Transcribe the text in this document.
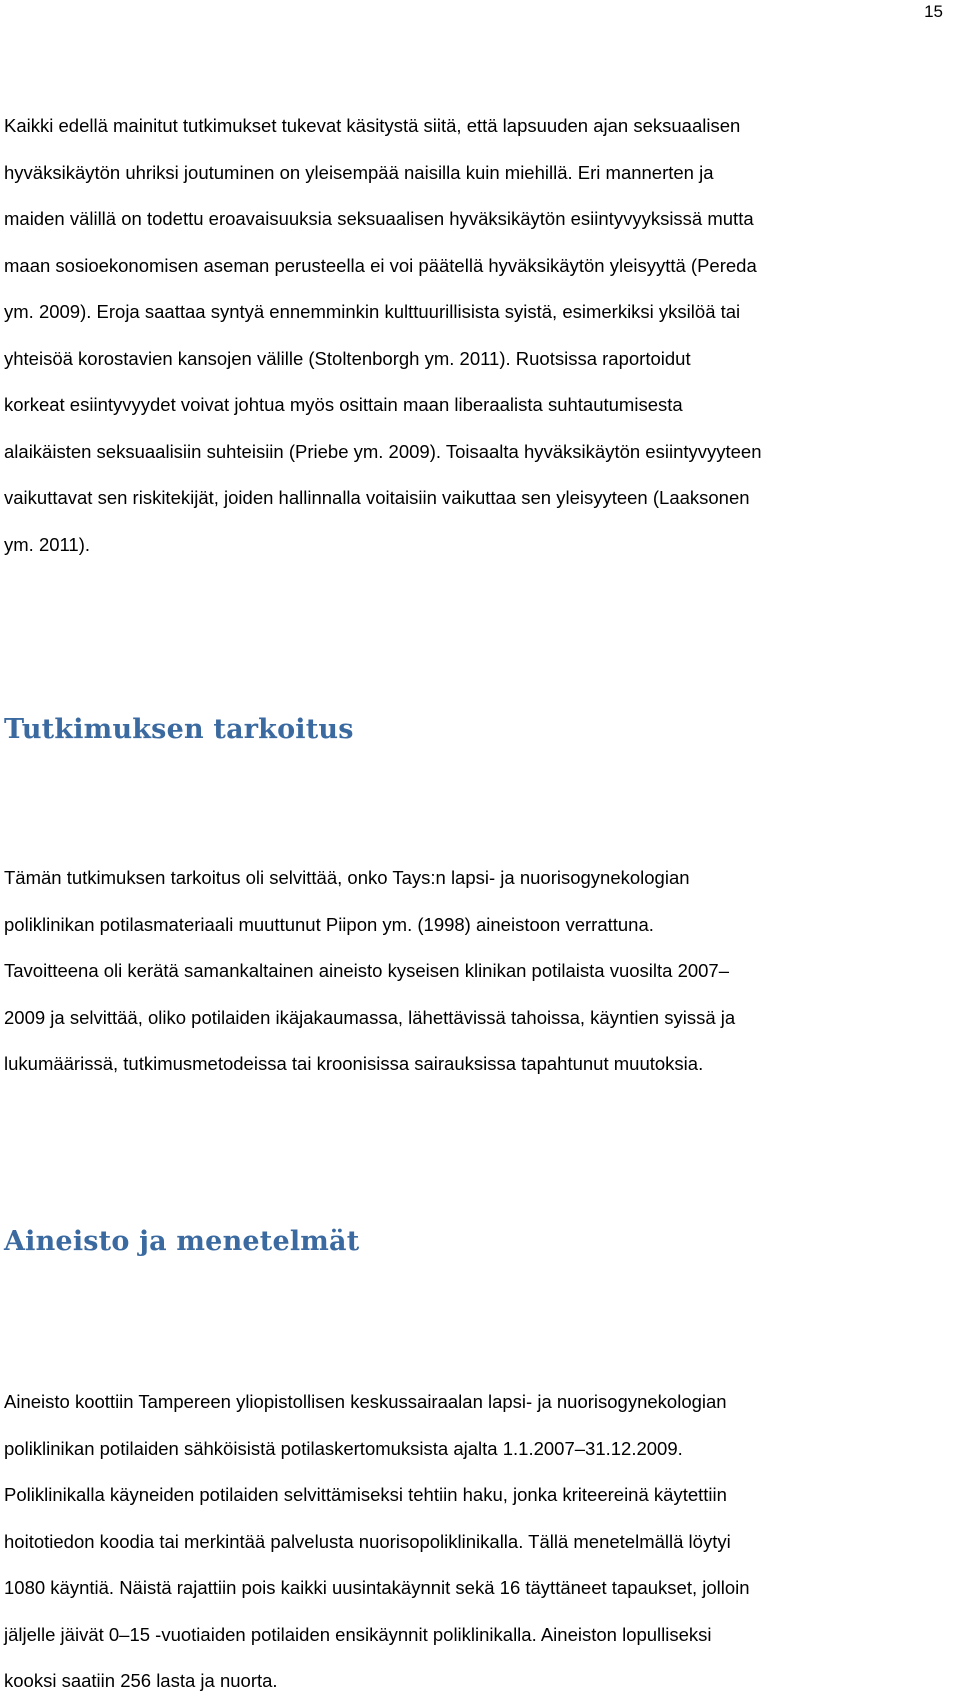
15

Kaikki edellä mainitut tutkimukset tukevat käsitystä siitä, että lapsuuden ajan seksuaalisen
hyväksikäytön uhriksi joutuminen on yleisempää naisilla kuin miehillä. Eri mannerten ja
maiden välillä on todettu eroavaisuuksia seksuaalisen hyväksikäytön esiintyvyyksissä mutta
maan sosioekonomisen aseman perusteella ei voi päätellä hyväksikäytön yleisyyttä (Pereda
ym. 2009). Eroja saattaa syntyä ennemminkin kulttuurillisista syistä, esimerkiksi yksilöä tai
yhteisöä korostavien kansojen välille (Stoltenborgh ym. 2011). Ruotsissa raportoidut
korkeat esiintyvyydet voivat johtua myös osittain maan liberaalista suhtautumisesta
alaikäisten seksuaalisiin suhteisiin (Priebe ym. 2009). Toisaalta hyväksikäytön esiintyvyyteen
vaikuttavat sen riskitekijät, joiden hallinnalla voitaisiin vaikuttaa sen yleisyyteen (Laaksonen
ym. 2011).

Tutkimuksen tarkoitus

Tämän tutkimuksen tarkoitus oli selvittää, onko Tays:n lapsi- ja nuorisogynekologian
poliklinikan potilasmateriaali muuttunut Piipon ym. (1998) aineistoon verrattuna.
Tavoitteena oli kerätä samankaltainen aineisto kyseisen klinikan potilaista vuosilta 2007–
2009 ja selvittää, oliko potilaiden ikäjakaumassa, lähettävissä tahoissa, käyntien syissä ja
lukumäärissä, tutkimusmetodeissa tai kroonisissa sairauksissa tapahtunut muutoksia.

Aineisto ja menetelmät

Aineisto koottiin Tampereen yliopistollisen keskussairaalan lapsi- ja nuorisogynekologian
poliklinikan potilaiden sähköisistä potilaskertomuksista ajalta 1.1.2007–31.12.2009.
Poliklinikalla käyneiden potilaiden selvittämiseksi tehtiin haku, jonka kriteereinä käytettiin
hoitotiedon koodia tai merkintää palvelusta nuorisopoliklinikalla. Tällä menetelmällä löytyi
1080 käyntiä. Näistä rajattiin pois kaikki uusintakäynnit sekä 16 täyttäneet tapaukset, jolloin
jäljelle jäivät 0–15 -vuotiaiden potilaiden ensikäynnit poliklinikalla. Aineiston lopulliseksi
kooksi saatiin 256 lasta ja nuorta.
